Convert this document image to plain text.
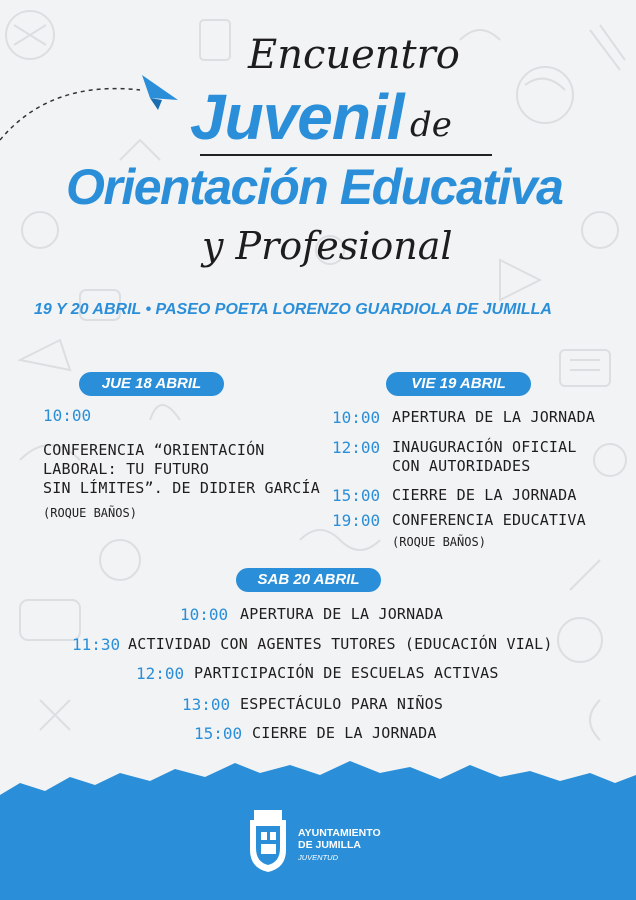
Encuentro
Juvenil de
Orientación Educativa
y Profesional
19 Y 20 ABRIL • PASEO POETA LORENZO GUARDIOLA DE JUMILLA
JUE 18 ABRIL
10:00
CONFERENCIA “ORIENTACIÓN
LABORAL: TU FUTURO
SIN LÍMITES”. DE DIDIER GARCÍA
(ROQUE BAÑOS)
VIE 19 ABRIL
10:00 APERTURA DE LA JORNADA
12:00 INAUGURACIÓN OFICIAL
CON AUTORIDADES
15:00 CIERRE DE LA JORNADA
19:00 CONFERENCIA EDUCATIVA
(ROQUE BAÑOS)
SAB 20 ABRIL
10:00 APERTURA DE LA JORNADA
11:30 ACTIVIDAD CON AGENTES TUTORES (EDUCACIÓN VIAL)
12:00 PARTICIPACIÓN DE ESCUELAS ACTIVAS
13:00 ESPECTÁCULO PARA NIÑOS
15:00 CIERRE DE LA JORNADA
AYUNTAMIENTO
DE JUMILLA
JUVENTUD
